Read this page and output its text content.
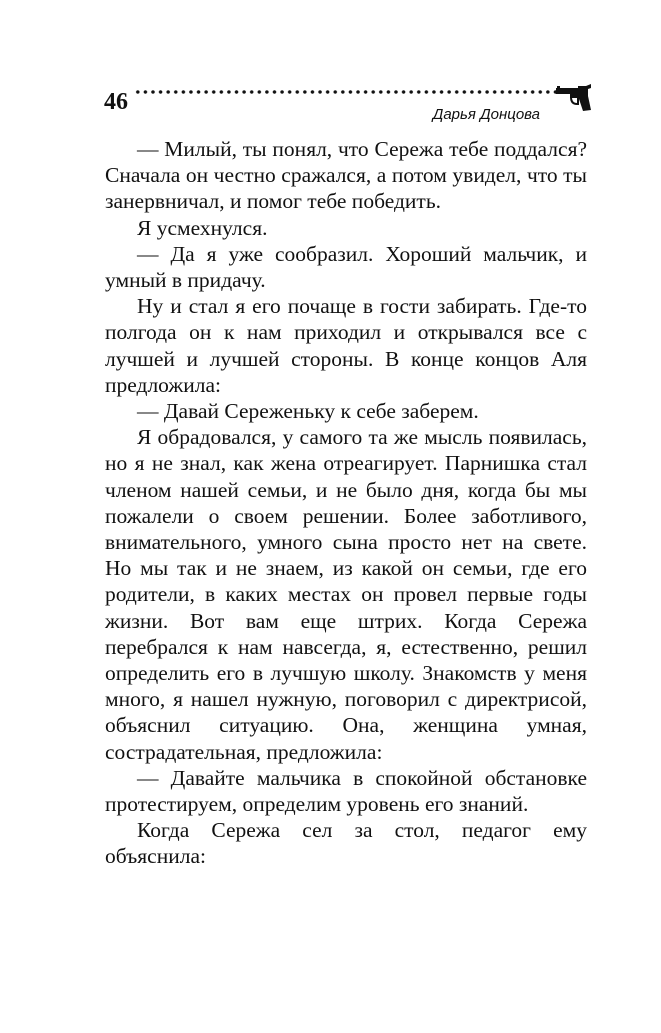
46	Дарья Донцова

— Милый, ты понял, что Сережа тебе поддался? Сначала он честно сражался, а потом увидел, что ты занервничал, и помог тебе победить.

Я усмехнулся.

— Да я уже сообразил. Хороший мальчик, и умный в придачу.

Ну и стал я его почаще в гости забирать. Где-то полгода он к нам приходил и открывался все с лучшей и лучшей стороны. В конце концов Аля предложила:

— Давай Сереженьку к себе заберем.

Я обрадовался, у самого та же мысль появилась, но я не знал, как жена отреагирует. Парнишка стал членом нашей семьи, и не было дня, когда бы мы пожалели о своем решении. Более заботливого, внимательного, умного сына просто нет на свете. Но мы так и не знаем, из какой он семьи, где его родители, в каких местах он провел первые годы жизни. Вот вам еще штрих. Когда Сережа перебрался к нам навсегда, я, естественно, решил определить его в лучшую школу. Знакомств у меня много, я нашел нужную, поговорил с директрисой, объяснил ситуацию. Она, женщина умная, сострадательная, предложила:

— Давайте мальчика в спокойной обстановке протестируем, определим уровень его знаний.

Когда Сережа сел за стол, педагог ему объяснила:
